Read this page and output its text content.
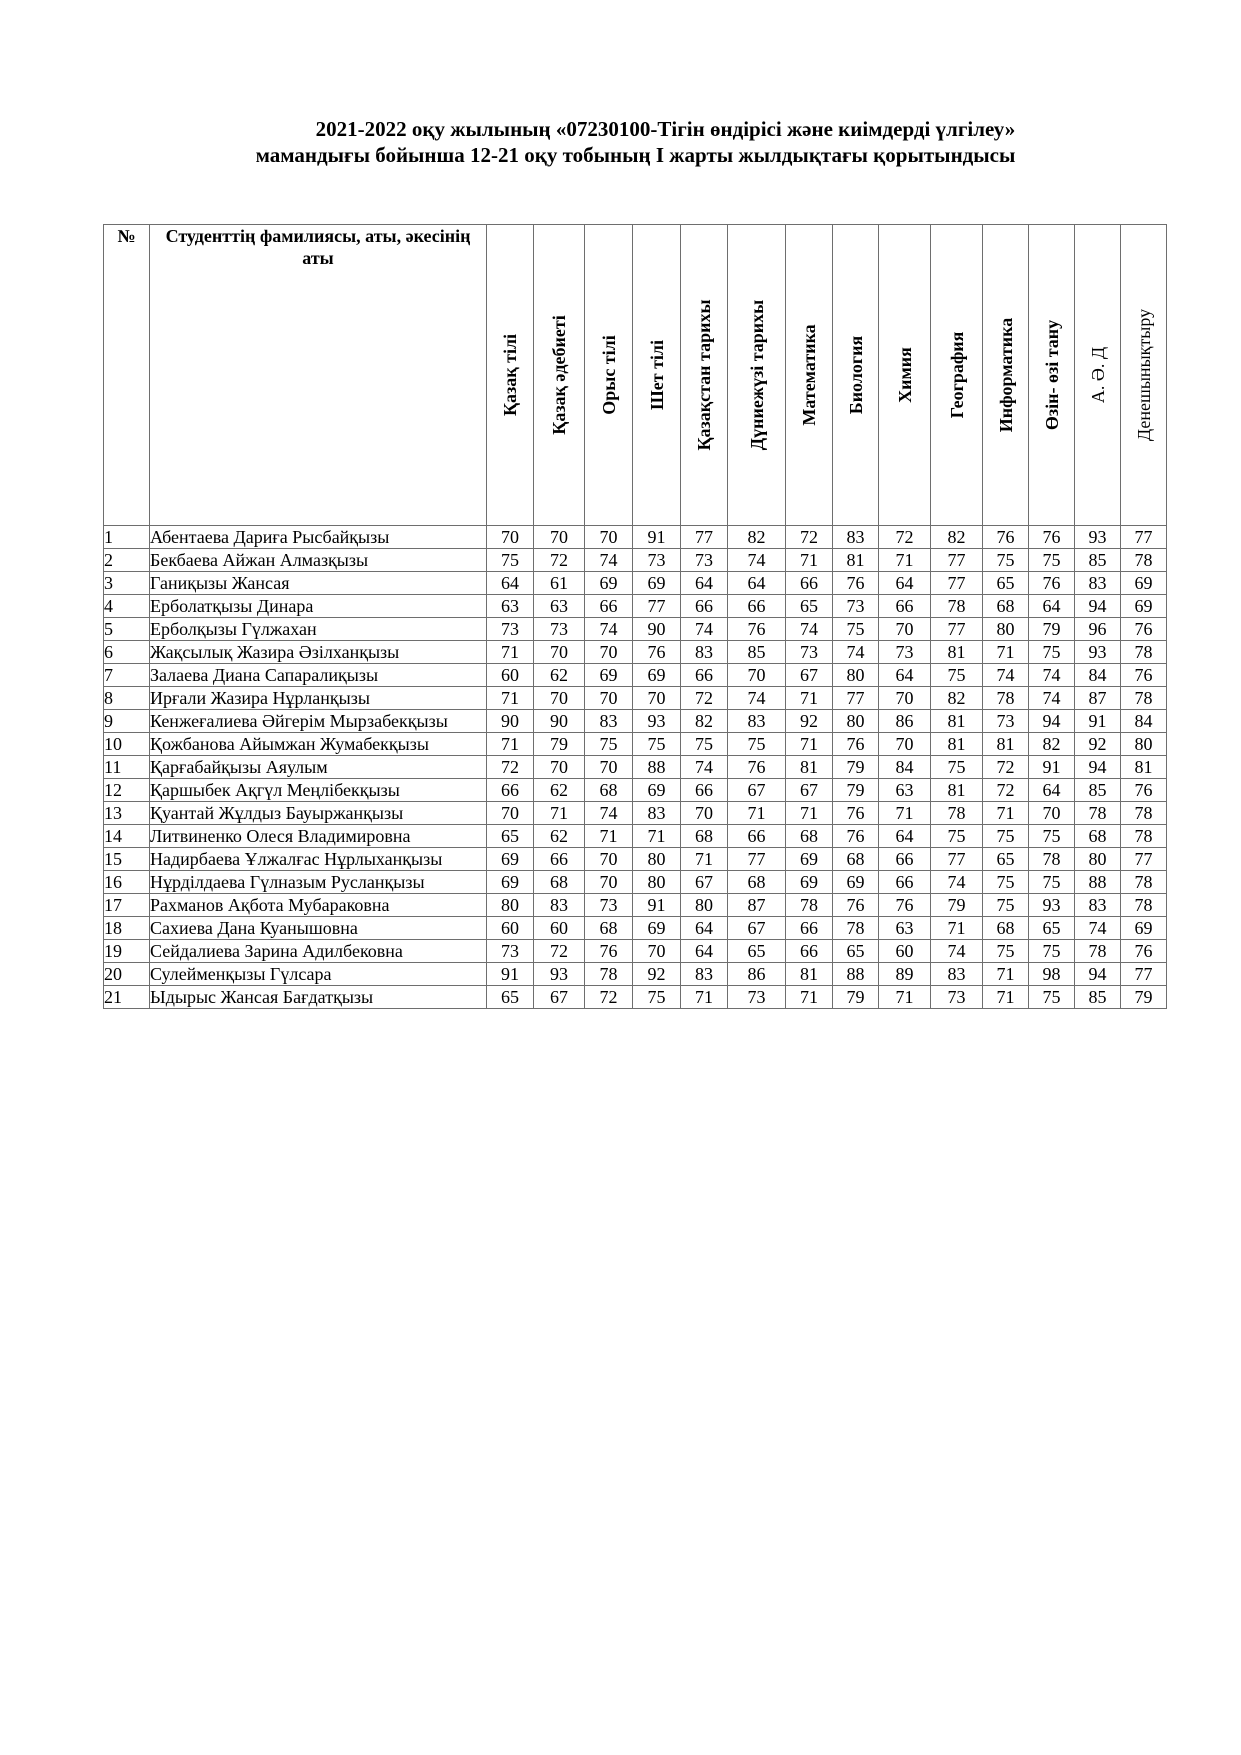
2021-2022 оқу жылының «07230100-Тігін өндірісі және киімдерді үлгілеу»
мамандығы бойынша 12-21 оқу тобының І жарты жылдықтағы қорытындысы
№	Студенттің фамилиясы, аты, әкесінің аты	Қазақ тілі	Қазақ әдебиеті	Орыс тілі	Шет тілі	Қазақстан тарихы	Дүниежүзі тарихы	Математика	Биология	Химия	География	Информатика	Өзін- өзі тану	А. Ә. Д	Денешынықтыру

1	Абентаева Дариға Рысбайқызы	70	70	70	91	77	82	72	83	72	82	76	76	93	77
2	Бекбаева Айжан Алмазқызы	75	72	74	73	73	74	71	81	71	77	75	75	85	78
3	Ганиқызы Жансая	64	61	69	69	64	64	66	76	64	77	65	76	83	69
4	Ерболатқызы Динара	63	63	66	77	66	66	65	73	66	78	68	64	94	69
5	Ерболқызы Гүлжахан	73	73	74	90	74	76	74	75	70	77	80	79	96	76
6	Жақсылық Жазира Әзілханқызы	71	70	70	76	83	85	73	74	73	81	71	75	93	78
7	Залаева Диана Сапаралиқызы	60	62	69	69	66	70	67	80	64	75	74	74	84	76
8	Ирғали Жазира Нұрланқызы	71	70	70	70	72	74	71	77	70	82	78	74	87	78
9	Кенжеғалиева Әйгерім Мырзабекқызы	90	90	83	93	82	83	92	80	86	81	73	94	91	84
10	Қожбанова Айымжан Жумабекқызы	71	79	75	75	75	75	71	76	70	81	81	82	92	80
11	Қарғабайқызы Аяулым	72	70	70	88	74	76	81	79	84	75	72	91	94	81
12	Қаршыбек Ақгүл Меңлібекқызы	66	62	68	69	66	67	67	79	63	81	72	64	85	76
13	Қуантай Жұлдыз Бауыржанқызы	70	71	74	83	70	71	71	76	71	78	71	70	78	78
14	Литвиненко Олеся Владимировна	65	62	71	71	68	66	68	76	64	75	75	75	68	78
15	Надирбаева Ұлжалғас Нұрлыханқызы	69	66	70	80	71	77	69	68	66	77	65	78	80	77
16	Нұрділдаева Гүлназым Русланқызы	69	68	70	80	67	68	69	69	66	74	75	75	88	78
17	Рахманов Ақбота Мубараковна	80	83	73	91	80	87	78	76	76	79	75	93	83	78
18	Сахиева Дана Куанышовна	60	60	68	69	64	67	66	78	63	71	68	65	74	69
19	Сейдалиева Зарина Адилбековна	73	72	76	70	64	65	66	65	60	74	75	75	78	76
20	Сулейменқызы Гүлсара	91	93	78	92	83	86	81	88	89	83	71	98	94	77
21	Ыдырыс Жансая Бағдатқызы	65	67	72	75	71	73	71	79	71	73	71	75	85	79
